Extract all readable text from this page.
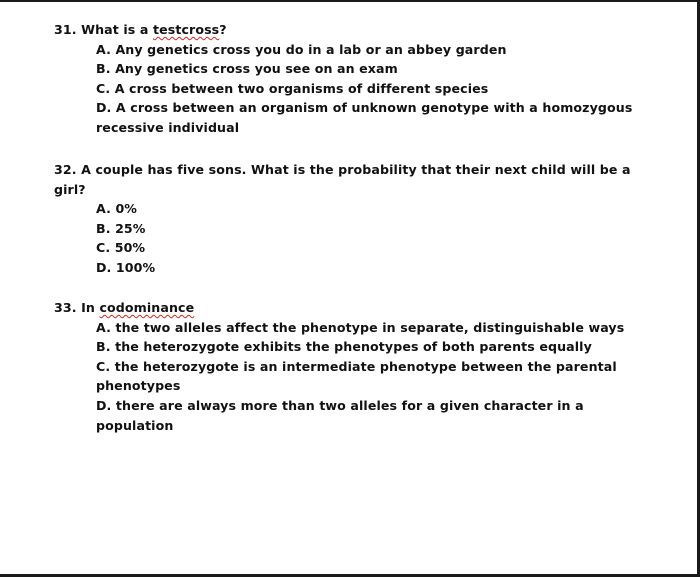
31. What is a testcross?

A. Any genetics cross you do in a lab or an abbey garden
B. Any genetics cross you see on an exam
C. A cross between two organisms of different species
D. A cross between an organism of unknown genotype with a homozygous recessive individual

32. A couple has five sons. What is the probability that their next child will be a girl?

A. 0%
B. 25%
C. 50%
D. 100%

33. In codominance

A. the two alleles affect the phenotype in separate, distinguishable ways
B. the heterozygote exhibits the phenotypes of both parents equally
C. the heterozygote is an intermediate phenotype between the parental phenotypes
D. there are always more than two alleles for a given character in a population
